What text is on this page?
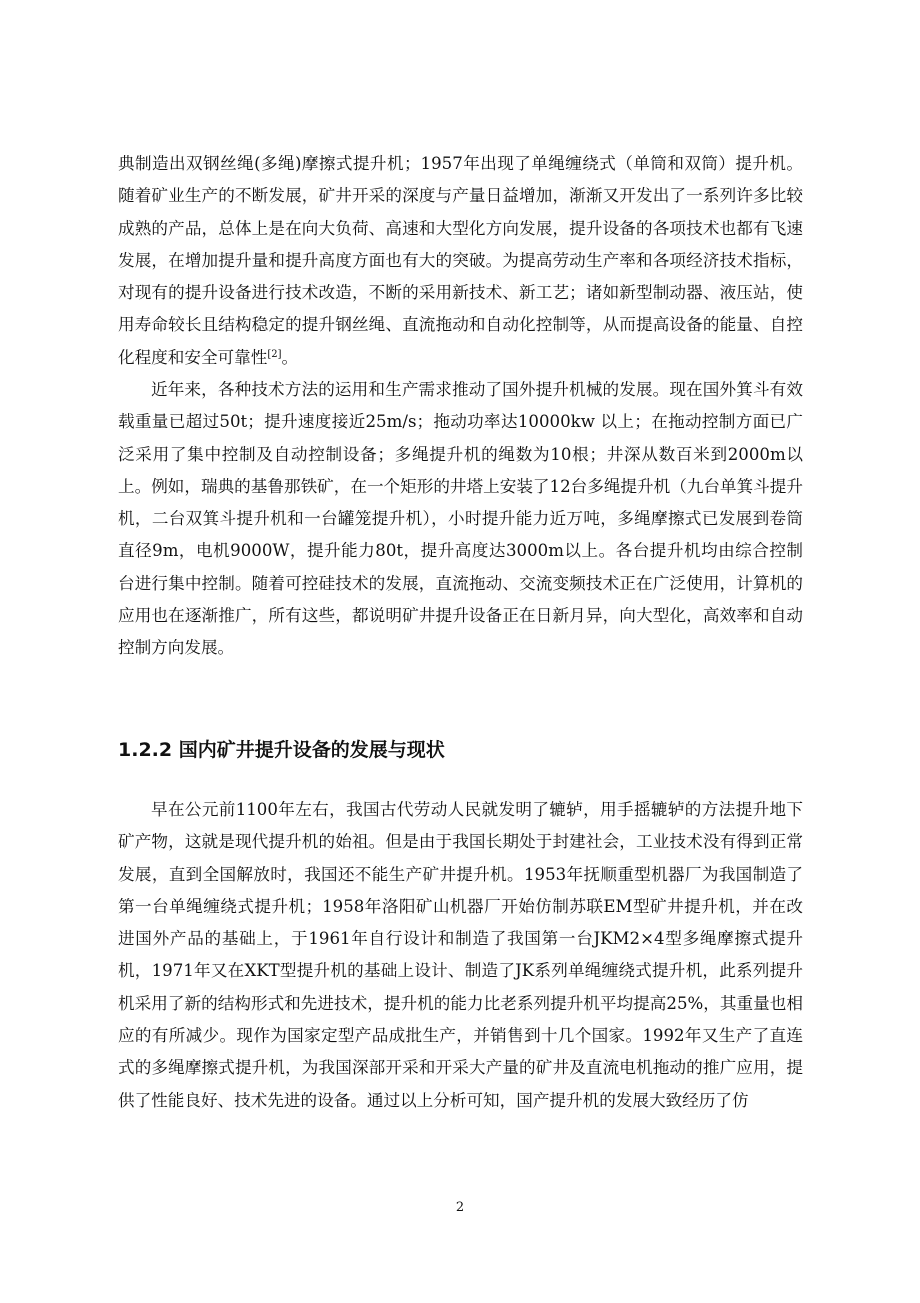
典制造出双钢丝绳(多绳)摩擦式提升机；1957年出现了单绳缠绕式（单筒和双筒）提升机。随着矿业生产的不断发展，矿井开采的深度与产量日益增加，渐渐又开发出了一系列许多比较成熟的产品，总体上是在向大负荷、高速和大型化方向发展，提升设备的各项技术也都有飞速发展，在增加提升量和提升高度方面也有大的突破。为提高劳动生产率和各项经济技术指标，对现有的提升设备进行技术改造，不断的采用新技术、新工艺；诸如新型制动器、液压站，使用寿命较长且结构稳定的提升钢丝绳、直流拖动和自动化控制等，从而提高设备的能量、自控化程度和安全可靠性[2]。

近年来，各种技术方法的运用和生产需求推动了国外提升机械的发展。现在国外箕斗有效载重量已超过50t；提升速度接近25m/s；拖动功率达10000kw 以上；在拖动控制方面已广泛采用了集中控制及自动控制设备；多绳提升机的绳数为10根；井深从数百米到2000m以上。例如，瑞典的基鲁那铁矿，在一个矩形的井塔上安装了12台多绳提升机（九台单箕斗提升机，二台双箕斗提升机和一台罐笼提升机），小时提升能力近万吨，多绳摩擦式已发展到卷筒直径9m，电机9000W，提升能力80t，提升高度达3000m以上。各台提升机均由综合控制台进行集中控制。随着可控硅技术的发展，直流拖动、交流变频技术正在广泛使用，计算机的应用也在逐渐推广，所有这些，都说明矿井提升设备正在日新月异，向大型化，高效率和自动控制方向发展。

1.2.2 国内矿井提升设备的发展与现状

早在公元前1100年左右，我国古代劳动人民就发明了辘轳，用手摇辘轳的方法提升地下矿产物，这就是现代提升机的始祖。但是由于我国长期处于封建社会，工业技术没有得到正常发展，直到全国解放时，我国还不能生产矿井提升机。1953年抚顺重型机器厂为我国制造了第一台单绳缠绕式提升机；1958年洛阳矿山机器厂开始仿制苏联EM型矿井提升机，并在改进国外产品的基础上，于1961年自行设计和制造了我国第一台JKM2×4型多绳摩擦式提升机，1971年又在XKT型提升机的基础上设计、制造了JK系列单绳缠绕式提升机，此系列提升机采用了新的结构形式和先进技术，提升机的能力比老系列提升机平均提高25%，其重量也相应的有所减少。现作为国家定型产品成批生产，并销售到十几个国家。1992年又生产了直连式的多绳摩擦式提升机，为我国深部开采和开采大产量的矿井及直流电机拖动的推广应用，提供了性能良好、技术先进的设备。通过以上分析可知，国产提升机的发展大致经历了仿

2
